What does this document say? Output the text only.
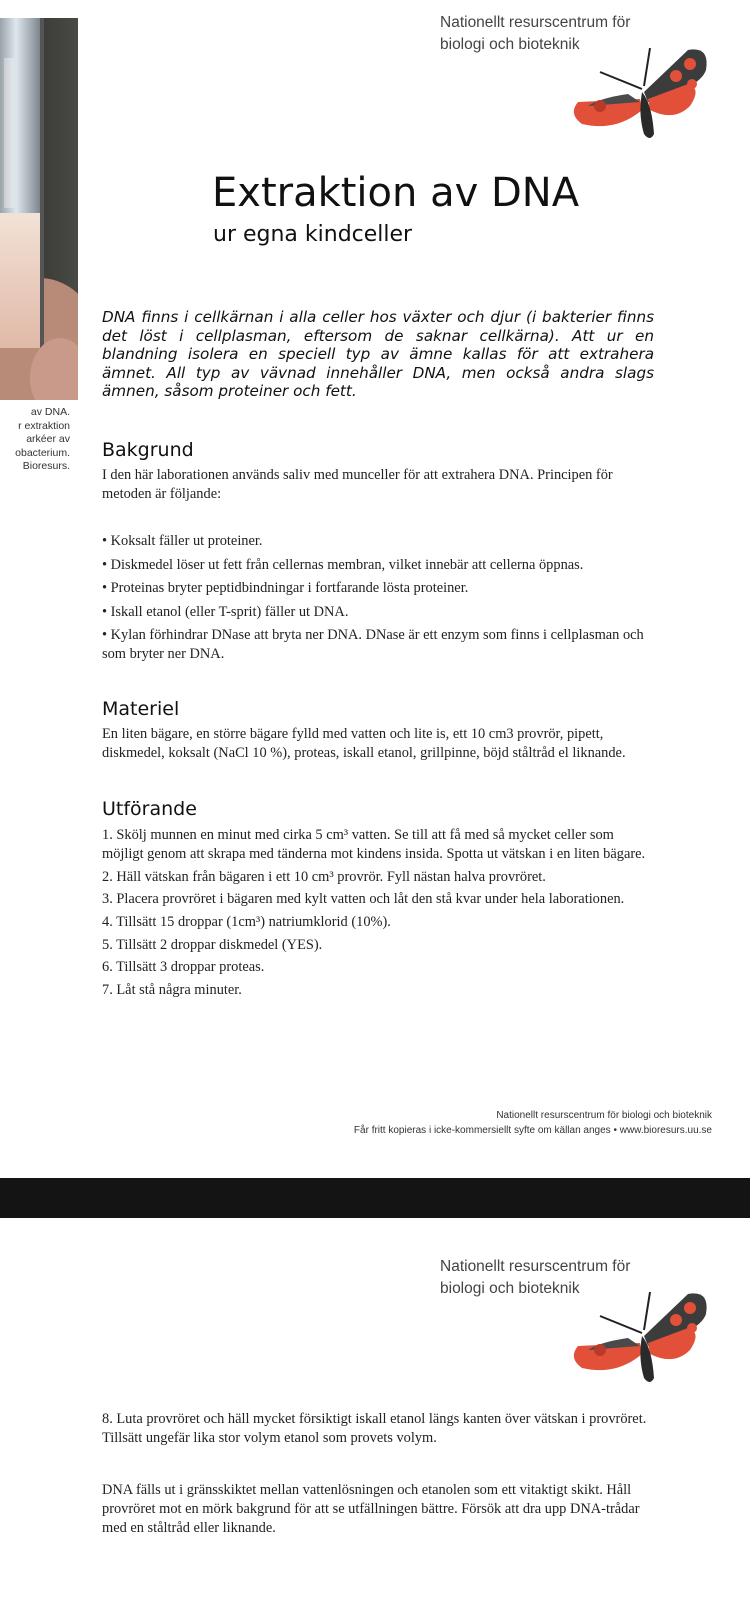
av DNA.
r extraktion
arkéer av
obacterium.
Bioresurs.
Nationellt resurscentrum för
biologi och bioteknik
Extraktion av DNA
ur egna kindceller
DNA finns i cellkärnan i alla celler hos växter och djur (i bakterier finns det löst i cellplasman, eftersom de saknar cellkärna). Att ur en blandning isolera en speciell typ av ämne kallas för att extrahera ämnet. All typ av vävnad innehåller DNA, men också andra slags ämnen, såsom proteiner och fett.
Bakgrund

I den här laborationen används saliv med munceller för att extrahera DNA. Principen för metoden är följande:

• Koksalt fäller ut proteiner.
• Diskmedel löser ut fett från cellernas membran, vilket innebär att cellerna öppnas.
• Proteinas bryter peptidbindningar i fortfarande lösta proteiner.
• Iskall etanol (eller T-sprit) fäller ut DNA.
• Kylan förhindrar DNase att bryta ner DNA. DNase är ett enzym som finns i cellplasman och som bryter ner DNA.
Materiel
En liten bägare, en större bägare fylld med vatten och lite is, ett 10 cm3 provrör, pipett, diskmedel, koksalt (NaCl 10 %), proteas, iskall etanol, grillpinne, böjd ståltråd el liknande.
Utförande
1. Skölj munnen en minut med cirka 5 cm³ vatten. Se till att få med så mycket celler som möjligt genom att skrapa med tänderna mot kindens insida. Spotta ut vätskan i en liten bägare.
2. Häll vätskan från bägaren i ett 10 cm³ provrör. Fyll nästan halva provröret.
3. Placera provröret i bägaren med kylt vatten och låt den stå kvar under hela laborationen.
4. Tillsätt 15 droppar (1cm³) natriumklorid (10%).
5. Tillsätt 2 droppar diskmedel (YES).
6. Tillsätt 3 droppar proteas.
7. Låt stå några minuter.
Nationellt resurscentrum för biologi och bioteknik
Får fritt kopieras i icke-kommersiellt syfte om källan anges • www.bioresurs.uu.se
Nationellt resurscentrum för
biologi och bioteknik
8. Luta provröret och häll mycket försiktigt iskall etanol längs kanten över vätskan i provröret. Tillsätt ungefär lika stor volym etanol som provets volym.
DNA fälls ut i gränsskiktet mellan vattenlösningen och etanolen som ett vitaktigt skikt. Håll provröret mot en mörk bakgrund för att se utfällningen bättre. Försök att dra upp DNA-trådar med en ståltråd eller liknande.
